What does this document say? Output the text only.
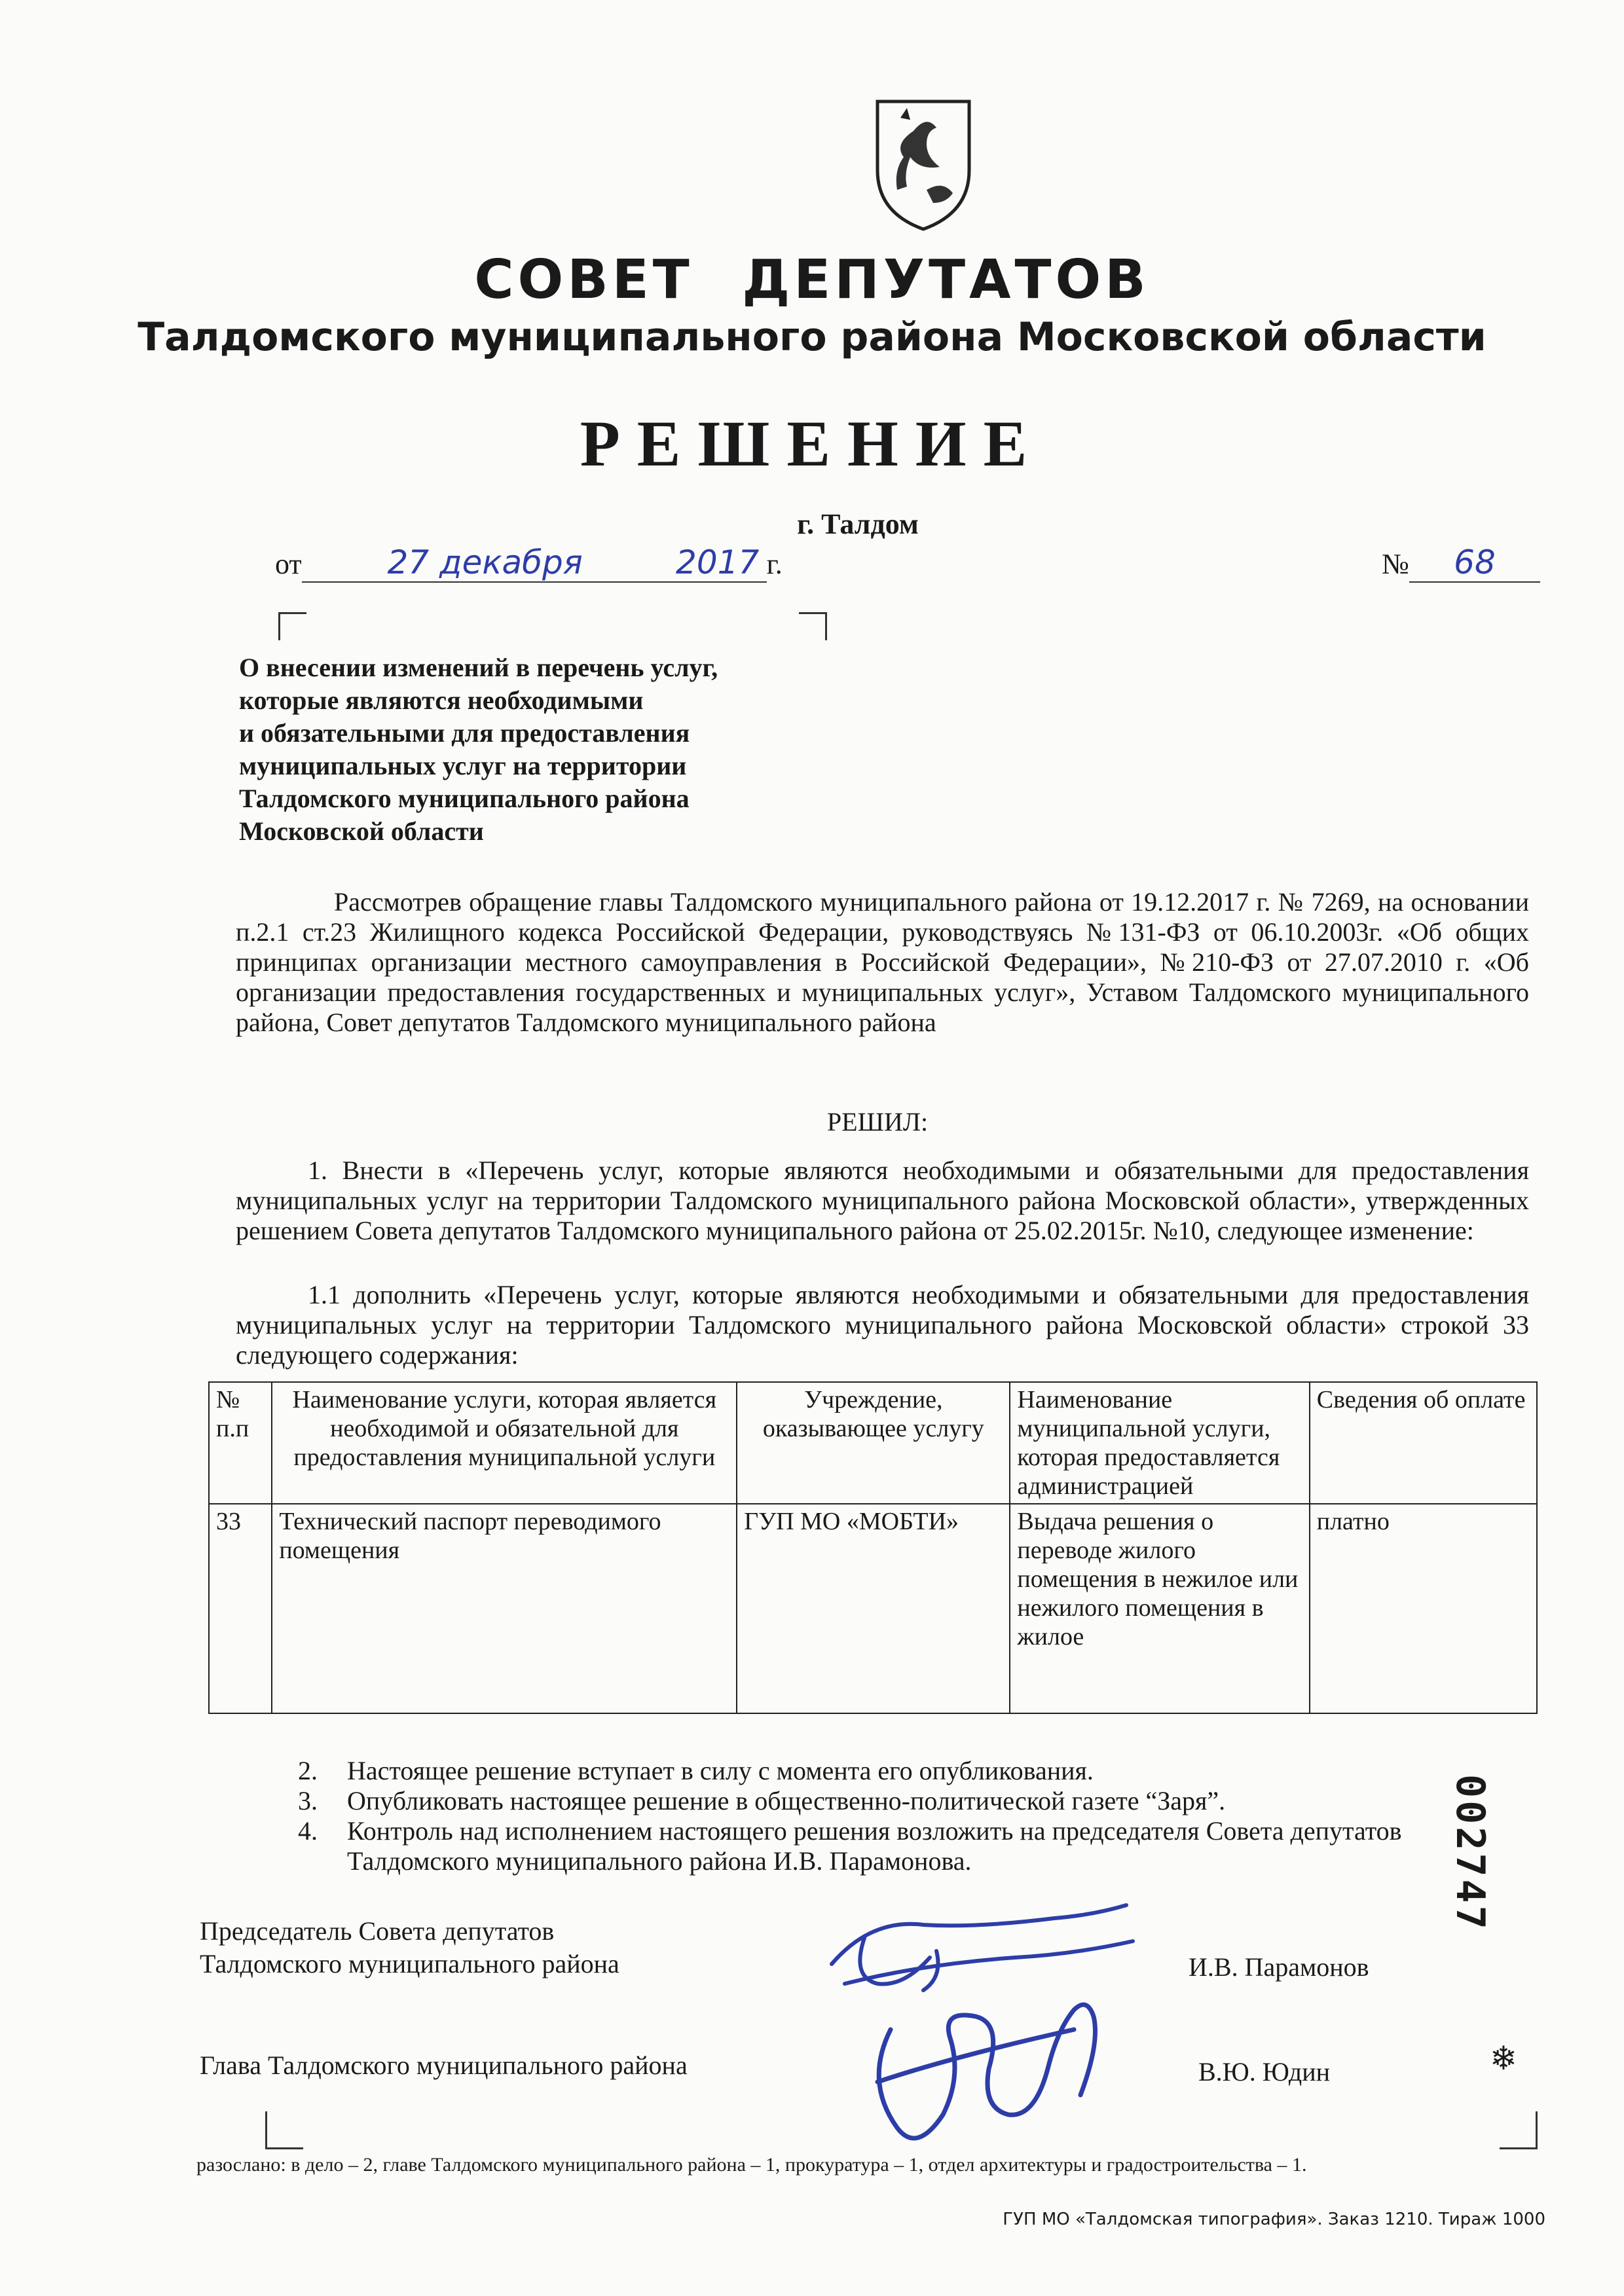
СОВЕТ ДЕПУТАТОВ
Талдомского муниципального района Московской области
РЕШЕНИЕ
г. Талдом
от	27 декабря	2017 г.	№ 68
О внесении изменений в перечень услуг,
которые являются необходимыми
и обязательными для предоставления
муниципальных услуг на территории
Талдомского муниципального района
Московской области
Рассмотрев обращение главы Талдомского муниципального района от 19.12.2017 г. № 7269, на основании п.2.1 ст.23 Жилищного кодекса Российской Федерации, руководствуясь №131-ФЗ от 06.10.2003г. «Об общих принципах организации местного самоуправления в Российской Федерации», №210-ФЗ от 27.07.2010 г. «Об организации предоставления государственных и муниципальных услуг», Уставом Талдомского муниципального района, Совет депутатов Талдомского муниципального района
РЕШИЛ:
1. Внести в «Перечень услуг, которые являются необходимыми и обязательными для предоставления муниципальных услуг на территории Талдомского муниципального района Московской области», утвержденных решением Совета депутатов Талдомского муниципального района от 25.02.2015г. №10, следующее изменение:
1.1 дополнить «Перечень услуг, которые являются необходимыми и обязательными для предоставления муниципальных услуг на территории Талдомского муниципального района Московской области» строкой 33 следующего содержания:
№ п.п	Наименование услуги, которая является необходимой и обязательной для предоставления муниципальной услуги	Учреждение, оказывающее услугу	Наименование муниципальной услуги, которая предоставляется администрацией	Сведения об оплате
33	Технический паспорт переводимого помещения	ГУП МО «МОБТИ»	Выдача решения о переводе жилого помещения в нежилое или нежилого помещения в жилое	платно
2.	Настоящее решение вступает в силу с момента его опубликования.
3.	Опубликовать настоящее решение в общественно-политической газете “Заря”.
4.	Контроль над исполнением настоящего решения возложить на председателя Совета депутатов Талдомского муниципального района И.В. Парамонова.
Председатель Совета депутатов
Талдомского муниципального района	И.В. Парамонов
Глава Талдомского муниципального района	В.Ю. Юдин	❄
002747
разослано: в дело – 2, главе Талдомского муниципального района – 1, прокуратура – 1, отдел архитектуры и градостроительства – 1.
ГУП МО «Талдомская типография». Заказ 1210. Тираж 1000
